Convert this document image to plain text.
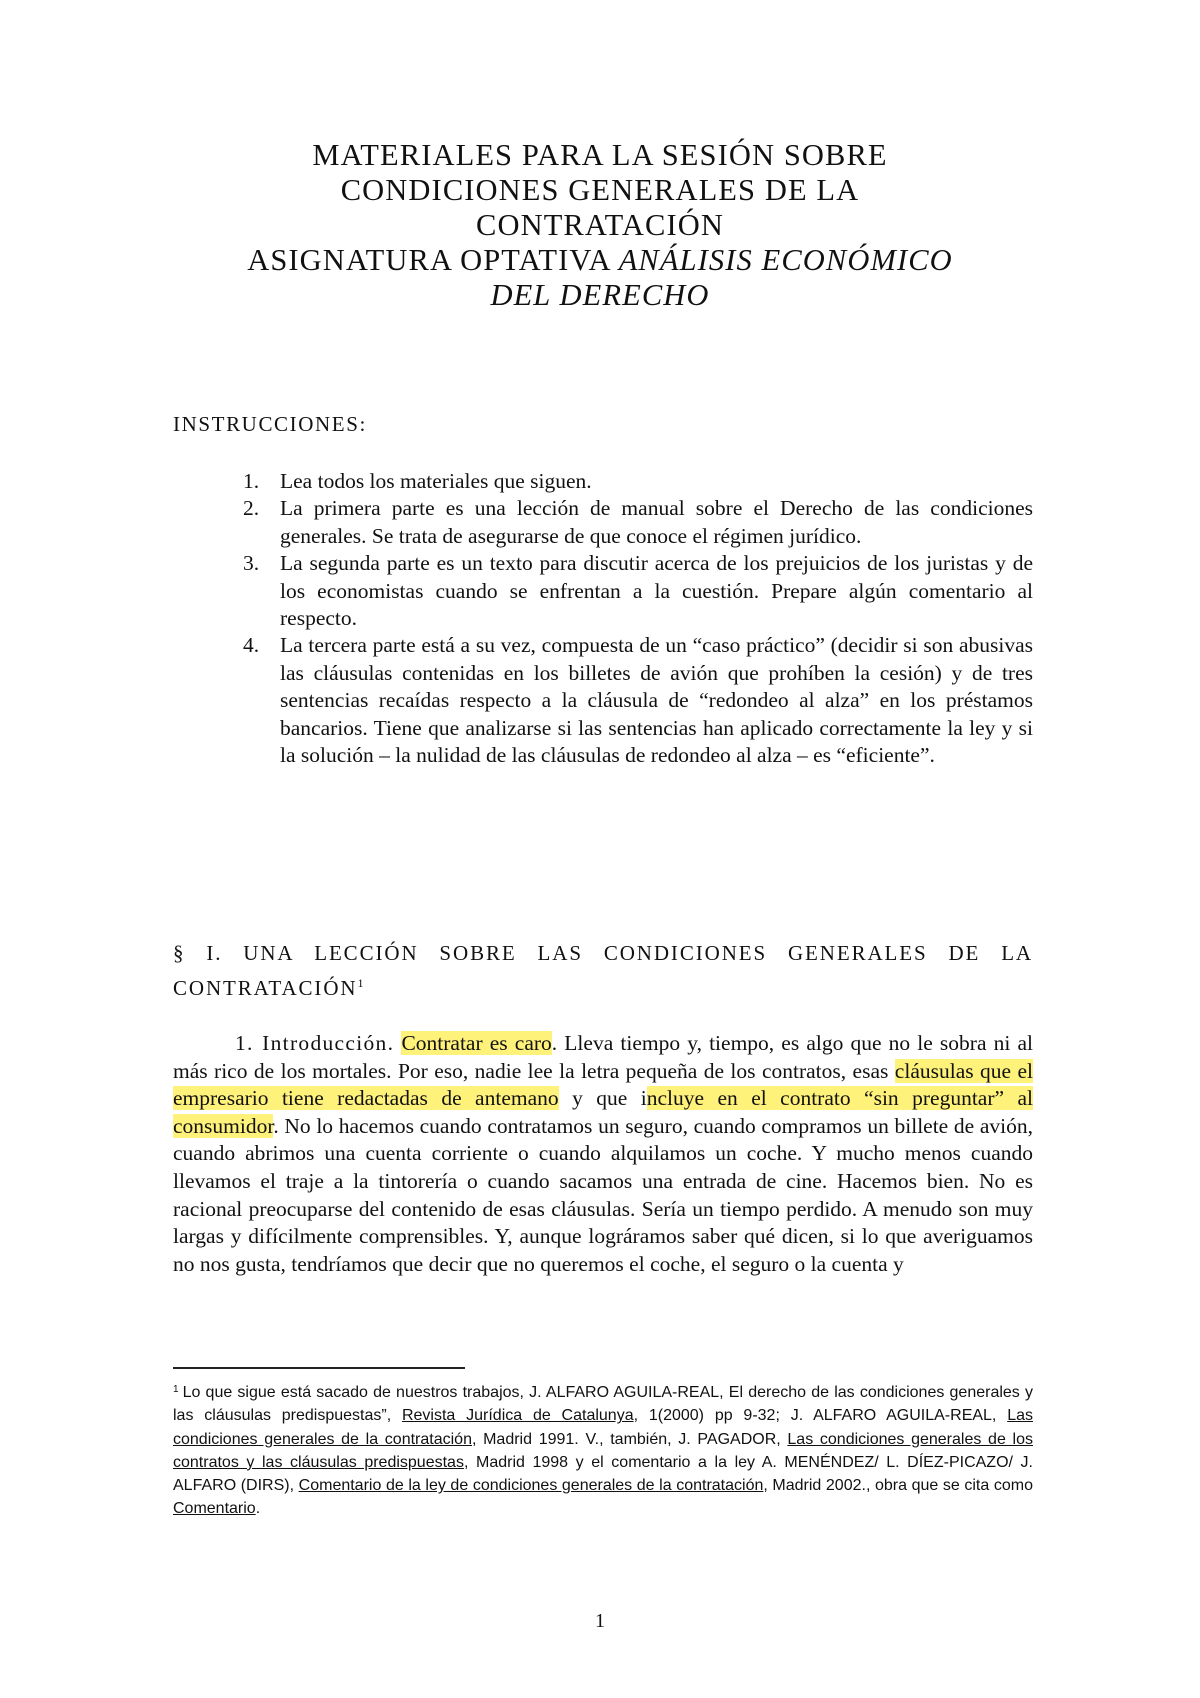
MATERIALES PARA LA SESIÓN SOBRE
CONDICIONES GENERALES DE LA
CONTRATACIÓN
ASIGNATURA OPTATIVA ANÁLISIS ECONÓMICO
DEL DERECHO
INSTRUCCIONES:
1. Lea todos los materiales que siguen.
2. La primera parte es una lección de manual sobre el Derecho de las condiciones generales. Se trata de asegurarse de que conoce el régimen jurídico.
3. La segunda parte es un texto para discutir acerca de los prejuicios de los juristas y de los economistas cuando se enfrentan a la cuestión. Prepare algún comentario al respecto.
4. La tercera parte está a su vez, compuesta de un “caso práctico” (decidir si son abusivas las cláusulas contenidas en los billetes de avión que prohíben la cesión) y de tres sentencias recaídas respecto a la cláusula de “redondeo al alza” en los préstamos bancarios. Tiene que analizarse si las sentencias han aplicado correctamente la ley y si la solución – la nulidad de las cláusulas de redondeo al alza – es “eficiente”.
§ I. UNA LECCIÓN SOBRE LAS CONDICIONES GENERALES DE LA CONTRATACIÓN$^1$

1. Introducción. Contratar es caro. Lleva tiempo y, tiempo, es algo que no le sobra ni al más rico de los mortales. Por eso, nadie lee la letra pequeña de los contratos, esas cláusulas que el empresario tiene redactadas de antemano y que incluye en el contrato “sin preguntar” al consumidor. No lo hacemos cuando contratamos un seguro, cuando compramos un billete de avión, cuando abrimos una cuenta corriente o cuando alquilamos un coche. Y mucho menos cuando llevamos el traje a la tintorería o cuando sacamos una entrada de cine. Hacemos bien. No es racional preocuparse del contenido de esas cláusulas. Sería un tiempo perdido. A menudo son muy largas y difícilmente comprensibles. Y, aunque lográramos saber qué dicen, si lo que averiguamos no nos gusta, tendríamos que decir que no queremos el coche, el seguro o la cuenta y

$^1$ Lo que sigue está sacado de nuestros trabajos, J. ALFARO AGUILA-REAL, El derecho de las condiciones generales y las cláusulas predispuestas”, Revista Jurídica de Catalunya, 1(2000) pp 9-32; J. ALFARO AGUILA-REAL, Las condiciones generales de la contratación, Madrid 1991. V., también, J. PAGADOR, Las condiciones generales de los contratos y las cláusulas predispuestas, Madrid 1998 y el comentario a la ley A. MENÉNDEZ/ L. DÍEZ-PICAZO/ J. ALFARO (DIRS), Comentario de la ley de condiciones generales de la contratación, Madrid 2002., obra que se cita como Comentario.
1
